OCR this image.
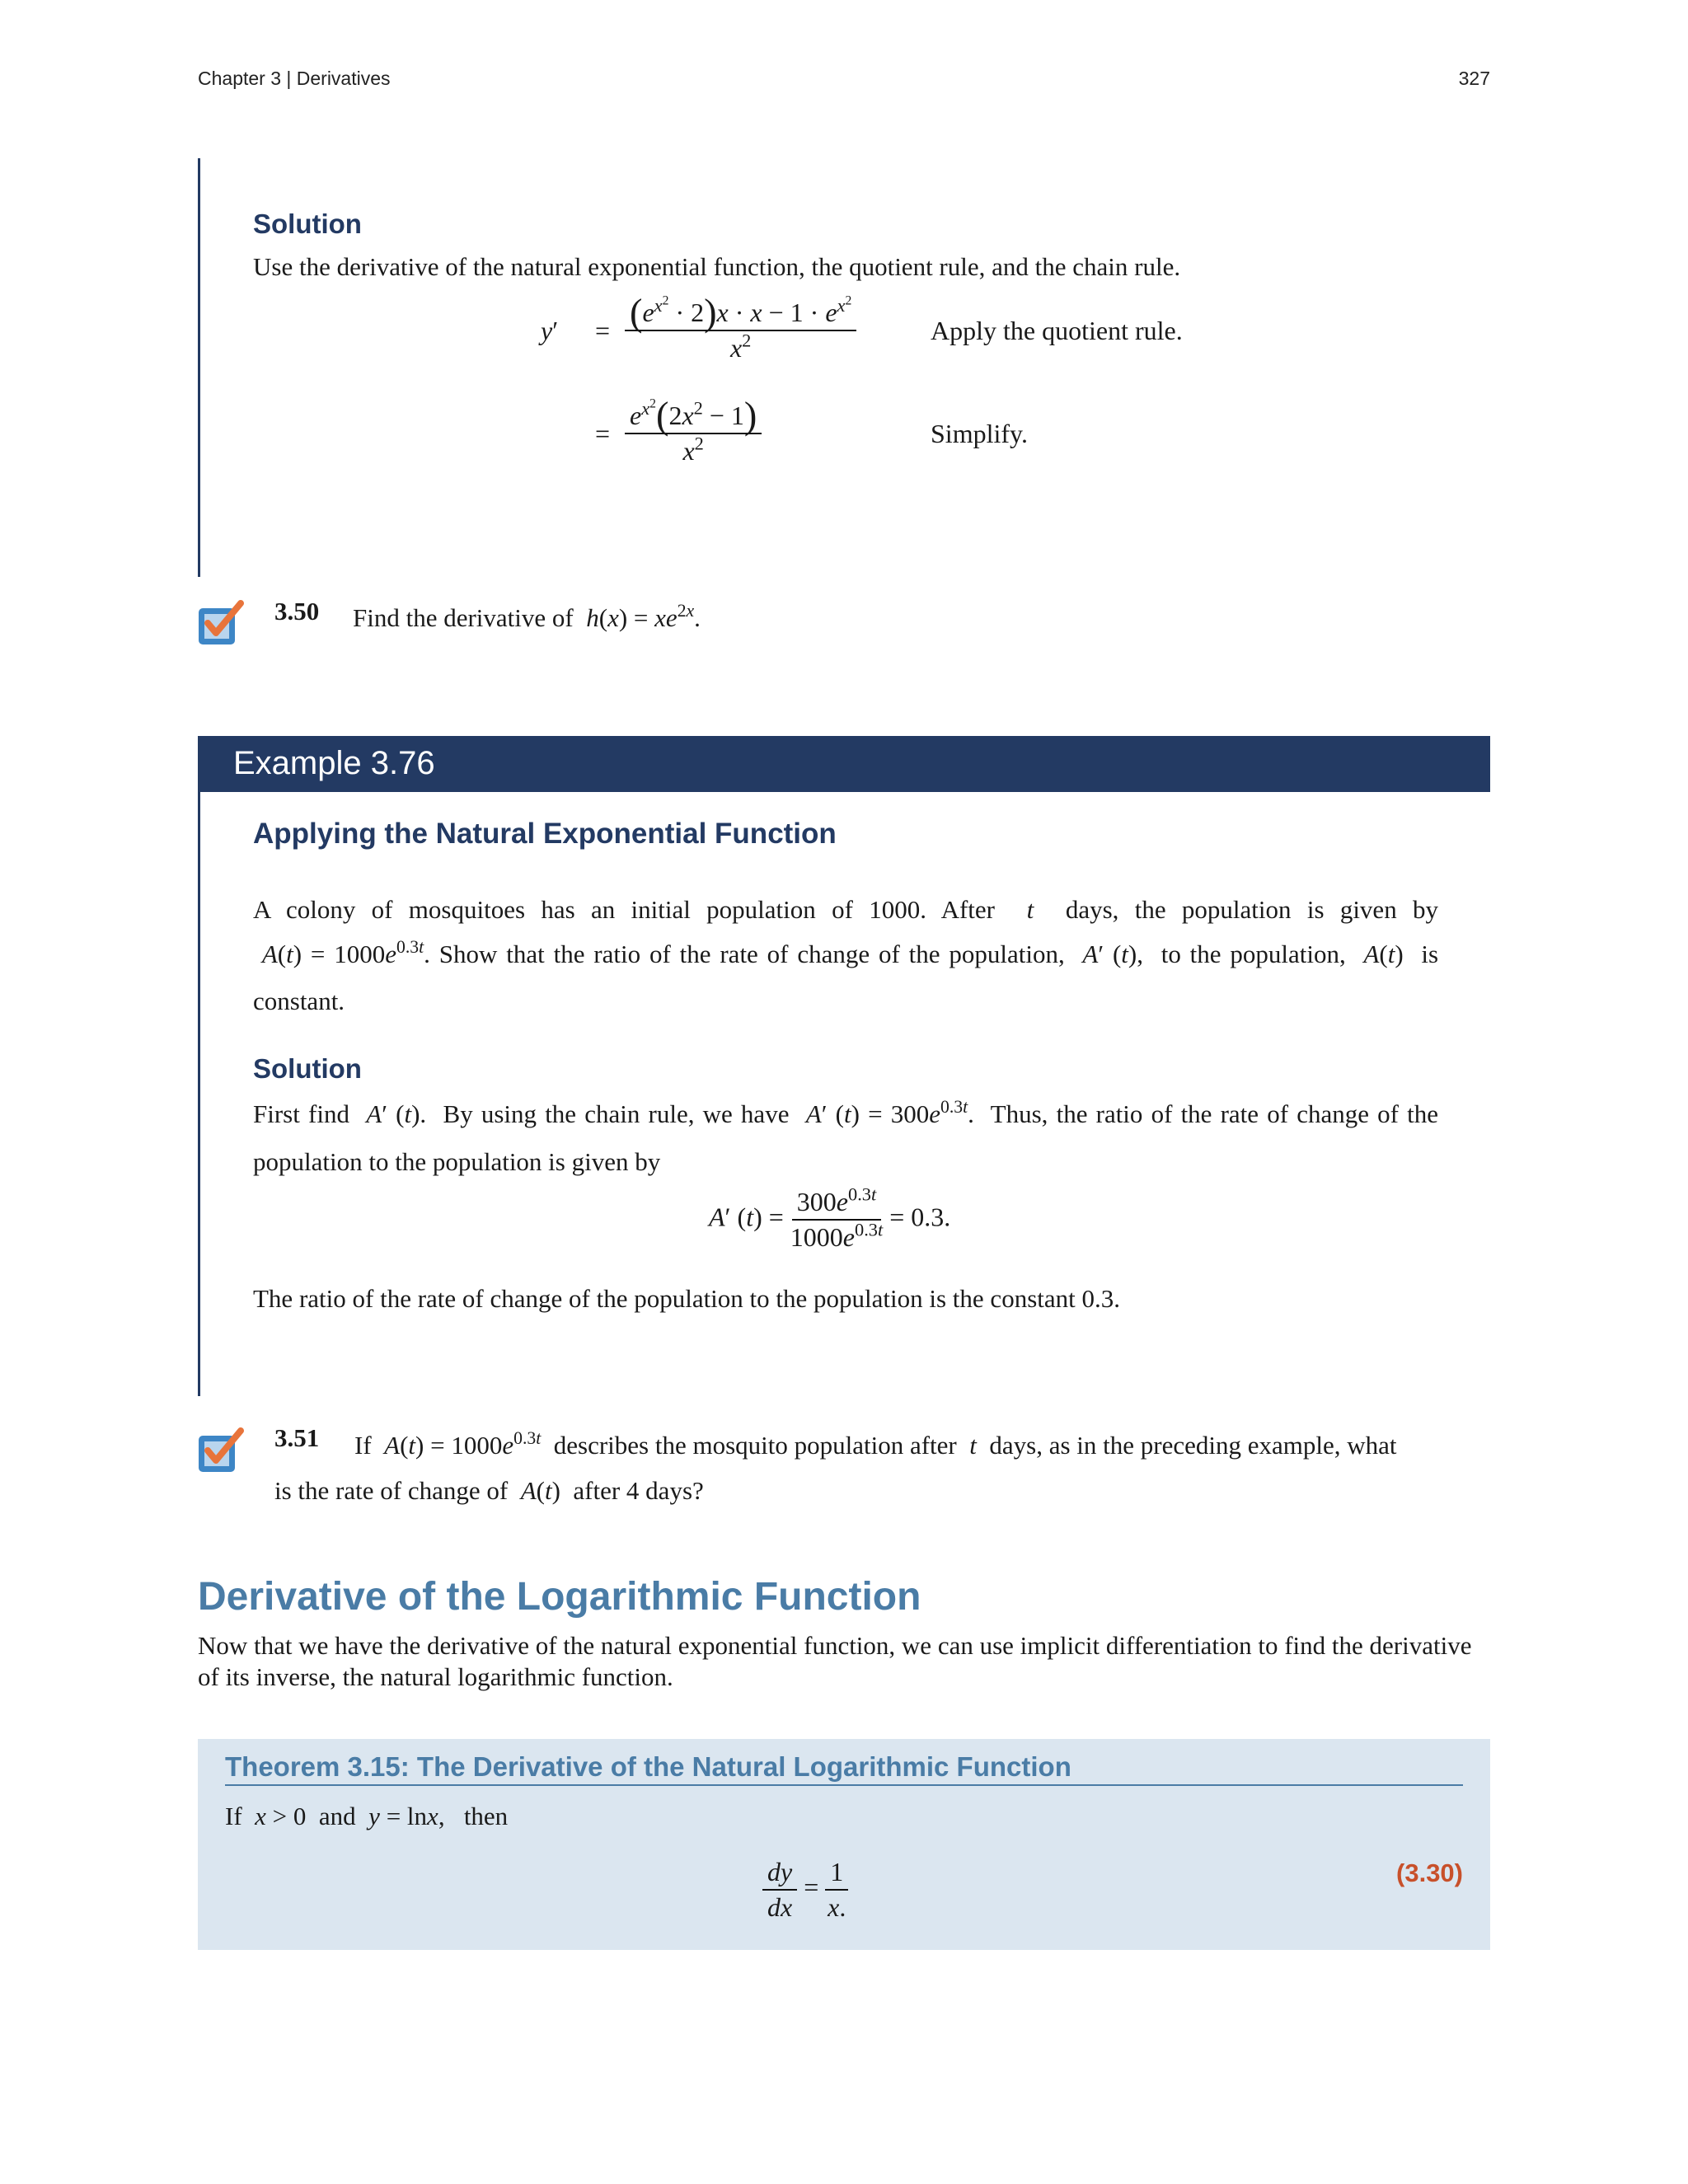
Chapter 3 | Derivatives	327
Solution
Use the derivative of the natural exponential function, the quotient rule, and the chain rule.
y′	=	$\frac{(e^{x^2} \cdot 2)x \cdot x - 1 \cdot e^{x^2}}{x^2}$	Apply the quotient rule.
	=	$\frac{e^{x^2}(2x^2 - 1)}{x^2}$	Simplify.
3.50 Find the derivative of $h(x) = xe^{2x}$.
Example 3.76
Applying the Natural Exponential Function
A colony of mosquitoes has an initial population of 1000. After t days, the population is given by
$A(t) = 1000e^{0.3t}$. Show that the ratio of the rate of change of the population, A′ (t),  to the population, A(t)  is
constant.
Solution
First find A′ (t).  By using the chain rule, we have A′ $(t) = 300e^{0.3t}$.  Thus, the ratio of the rate of change of the
population to the population is given by
A′ $(t) = \frac{300e^{0.3t}}{1000e^{0.3t}} = 0.3$.
The ratio of the rate of change of the population to the population is the constant 0.3.
3.51 If $A(t) = 1000e^{0.3t}$ describes the mosquito population after t days, as in the preceding example, what
is the rate of change of A(t)  after 4 days?
Derivative of the Logarithmic Function
Now that we have the derivative of the natural exponential function, we can use implicit differentiation to find the derivative
of its inverse, the natural logarithmic function.
Theorem 3.15: The Derivative of the Natural Logarithmic Function
If x > 0  and y = lnx,   then
$\frac{dy}{dx} = \frac{1}{x.}$	(3.30)
